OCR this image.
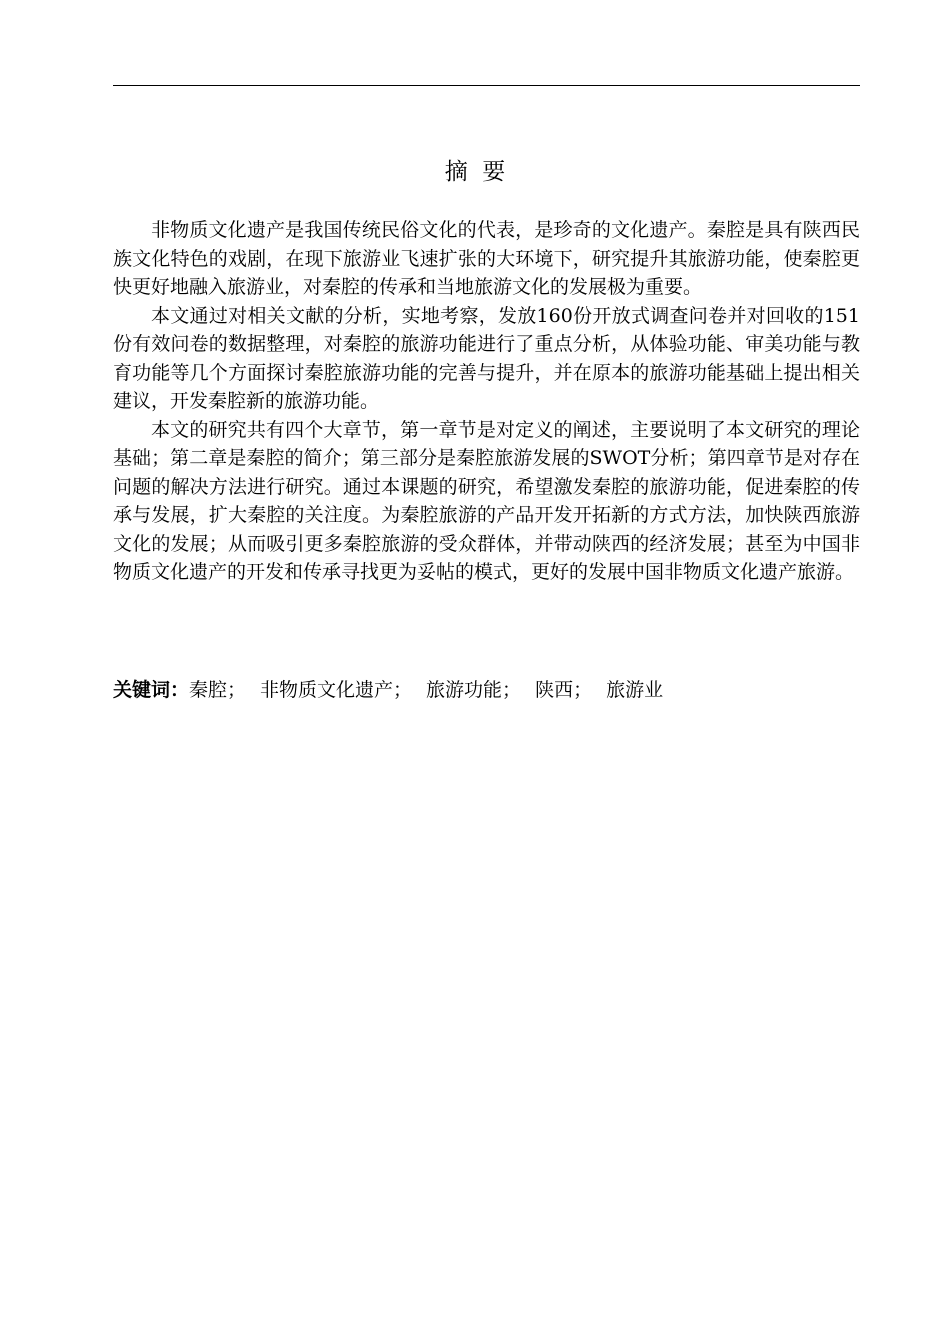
摘  要

非物质文化遗产是我国传统民俗文化的代表，是珍奇的文化遗产。秦腔是具有陕西民族文化特色的戏剧，在现下旅游业飞速扩张的大环境下，研究提升其旅游功能，使秦腔更快更好地融入旅游业，对秦腔的传承和当地旅游文化的发展极为重要。

本文通过对相关文献的分析，实地考察，发放160份开放式调查问卷并对回收的151份有效问卷的数据整理，对秦腔的旅游功能进行了重点分析，从体验功能、审美功能与教育功能等几个方面探讨秦腔旅游功能的完善与提升，并在原本的旅游功能基础上提出相关建议，开发秦腔新的旅游功能。

本文的研究共有四个大章节，第一章节是对定义的阐述，主要说明了本文研究的理论基础；第二章是秦腔的简介；第三部分是秦腔旅游发展的SWOT分析；第四章节是对存在问题的解决方法进行研究。通过本课题的研究，希望激发秦腔的旅游功能，促进秦腔的传承与发展，扩大秦腔的关注度。为秦腔旅游的产品开发开拓新的方式方法，加快陕西旅游文化的发展；从而吸引更多秦腔旅游的受众群体，并带动陕西的经济发展；甚至为中国非物质文化遗产的开发和传承寻找更为妥帖的模式，更好的发展中国非物质文化遗产旅游。

关键词：秦腔； 非物质文化遗产； 旅游功能； 陕西； 旅游业
